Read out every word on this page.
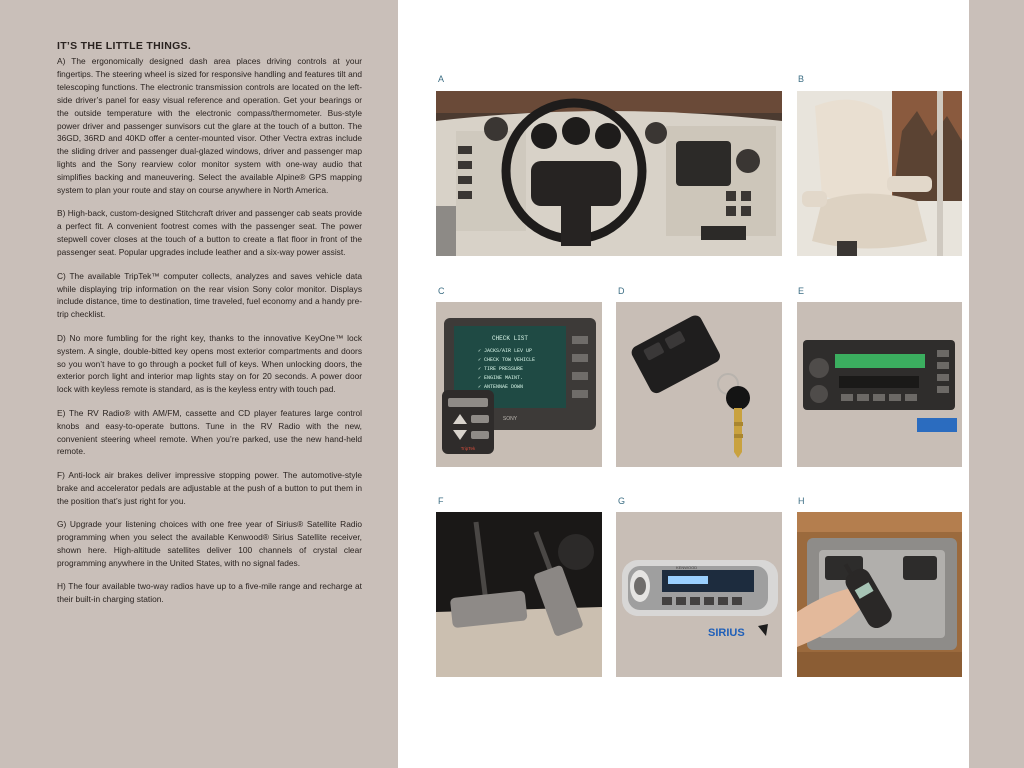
IT’S THE LITTLE THINGS.

A) The ergonomically designed dash area places driving controls at your fingertips. The steering wheel is sized for responsive handling and features tilt and telescoping functions. The electronic transmission controls are located on the left-side driver’s panel for easy visual reference and operation. Get your bearings or the outside temperature with the electronic compass/thermometer. Bus-style power driver and passenger sunvisors cut the glare at the touch of a button. The 36GD, 36RD and 40KD offer a center-mounted visor. Other Vectra extras include the sliding driver and passenger dual-glazed windows, driver and passenger map lights and the Sony rearview color monitor system with one-way audio that simplifies backing and maneuvering. Select the available Alpine® GPS mapping system to plan your route and stay on course anywhere in North America.

B) High-back, custom-designed Stitchcraft driver and passenger cab seats provide a perfect fit. A convenient footrest comes with the passenger seat. The power stepwell cover closes at the touch of a button to create a flat floor in front of the passenger seat. Popular upgrades include leather and a six-way power assist.

C) The available TripTek™ computer collects, analyzes and saves vehicle data while displaying trip information on the rear vision Sony color monitor. Displays include distance, time to destination, time traveled, fuel economy and a handy pre-trip checklist.

D) No more fumbling for the right key, thanks to the innovative KeyOne™ lock system. A single, double-bitted key opens most exterior compartments and doors so you won’t have to go through a pocket full of keys. When unlocking doors, the exterior porch light and interior map lights stay on for 20 seconds. A power door lock with keyless remote is standard, as is the keyless entry with touch pad.

E) The RV Radio® with AM/FM, cassette and CD player features large control knobs and easy-to-operate buttons. Tune in the RV Radio with the new, convenient steering wheel remote. When you’re parked, use the new hand-held remote.

F) Anti-lock air brakes deliver impressive stopping power. The automotive-style brake and accelerator pedals are adjustable at the push of a button to put them in the position that’s just right for you.

G) Upgrade your listening choices with one free year of Sirius® Satellite Radio programming when you select the available Kenwood® Sirius Satellite receiver, shown here. High-altitude satellites deliver 100 channels of crystal clear programming anywhere in the United States, with no signal fades.

H) The four available two-way radios have up to a five-mile range and recharge at their built-in charging station.

A	B
C	D	E
F	G	H
CHECK LIST
✓ JACKS/AIR LEV UP
✓ CHECK TOW VEHICLE
✓ TIRE PRESSURE
✓ ENGINE MAINT.
✓ ANTENNAE DOWN
SONY
TripTek
KENWOOD
SIRIUS
